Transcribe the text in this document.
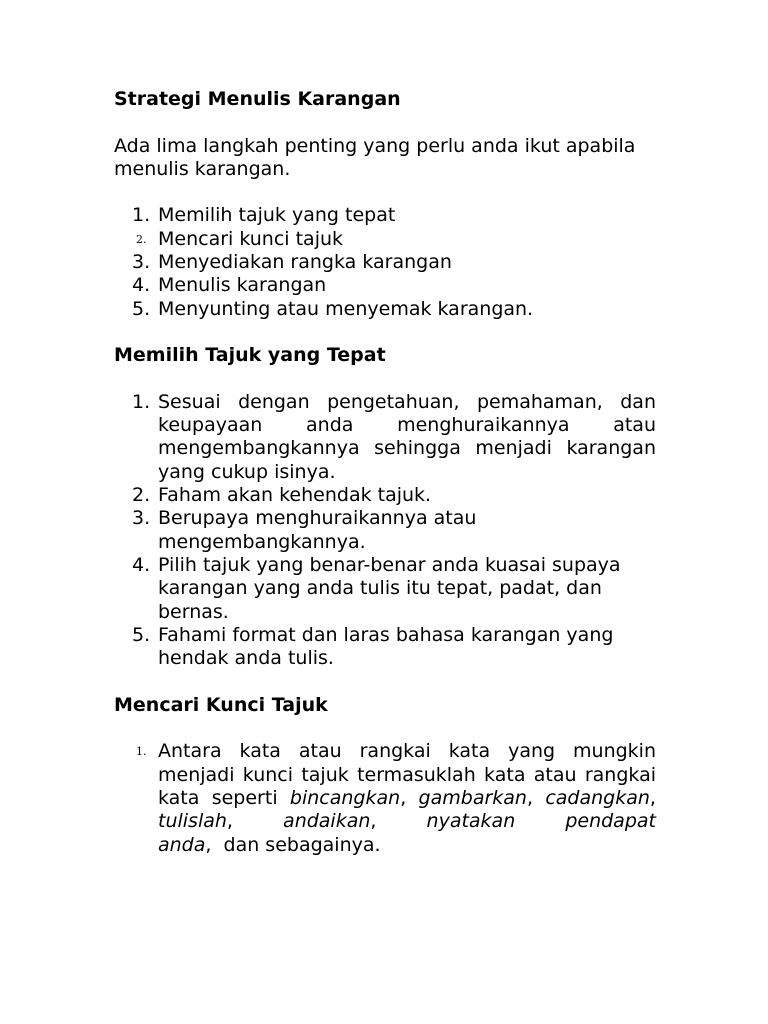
Strategi Menulis Karangan

Ada lima langkah penting yang perlu anda ikut apabila menulis karangan.

1. Memilih tajuk yang tepat
2. Mencari kunci tajuk
3. Menyediakan rangka karangan
4. Menulis karangan
5. Menyunting atau menyemak karangan.
Memilih Tajuk yang Tepat
1. Sesuai dengan pengetahuan, pemahaman, dan keupayaan anda menghuraikannya atau mengembangkannya sehingga menjadi karangan yang cukup isinya.
2. Faham akan kehendak tajuk.
3. Berupaya menghuraikannya atau mengembangkannya.
4. Pilih tajuk yang benar-benar anda kuasai supaya karangan yang anda tulis itu tepat, padat, dan bernas.
5. Fahami format dan laras bahasa karangan yang hendak anda tulis.
Mencari Kunci Tajuk
1. Antara kata atau rangkai kata yang mungkin menjadi kunci tajuk termasuklah kata atau rangkai kata seperti bincangkan, gambarkan, cadangkan, tulislah, andaikan, nyatakan pendapat anda,  dan sebagainya.
